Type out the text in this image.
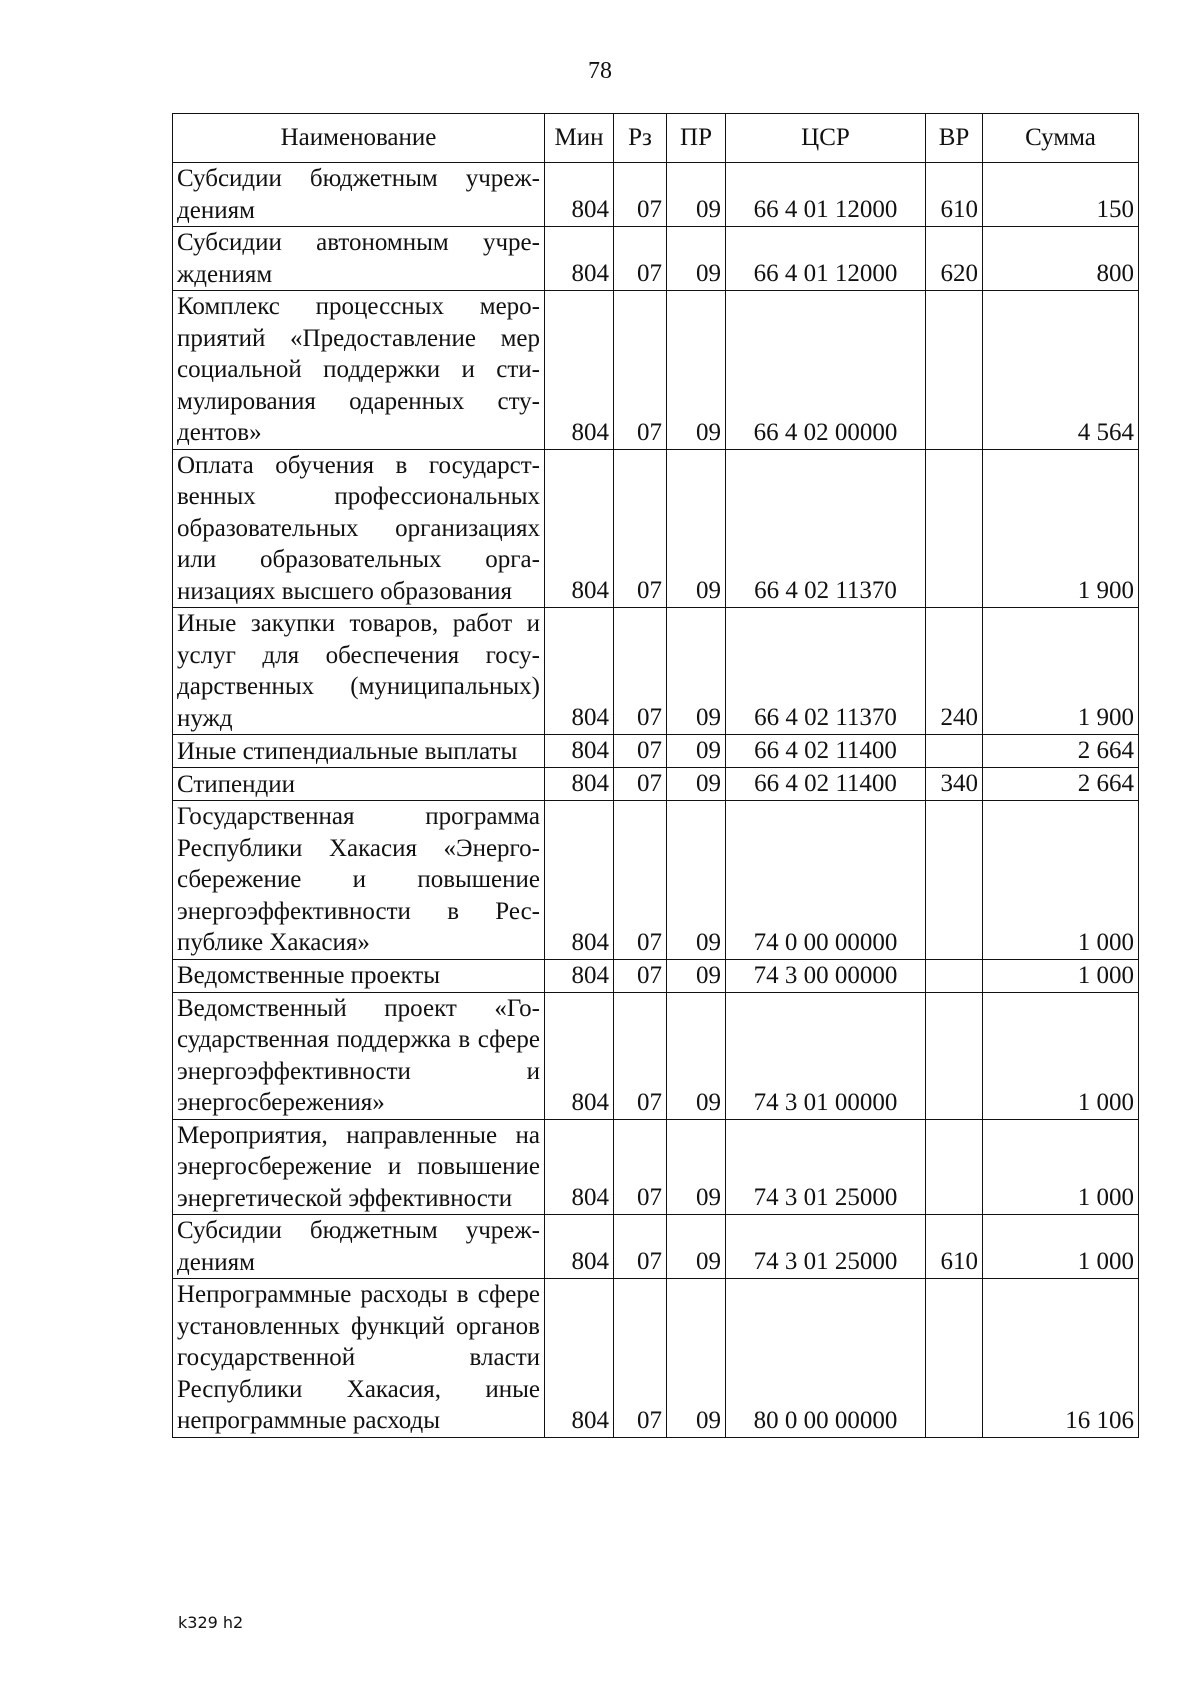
78
Наименование	Мин	Рз	ПР	ЦСР	ВР	Сумма
Субсидии бюджетным учреждениям	804	07	09	66 4 01 12000	610	150
Субсидии автономным учреждениям	804	07	09	66 4 01 12000	620	800
Комплекс процессных мероприятий «Предоставление мер социальной поддержки и стимулирования одаренных студентов»	804	07	09	66 4 02 00000		4 564
Оплата обучения в государственных профессиональных образовательных организациях или образовательных организациях высшего образования	804	07	09	66 4 02 11370		1 900
Иные закупки товаров, работ и услуг для обеспечения государственных (муниципальных) нужд	804	07	09	66 4 02 11370	240	1 900
Иные стипендиальные выплаты	804	07	09	66 4 02 11400		2 664
Стипендии	804	07	09	66 4 02 11400	340	2 664
Государственная программа Республики Хакасия «Энергосбережение и повышение энергоэффективности в Республике Хакасия»	804	07	09	74 0 00 00000		1 000
Ведомственные проекты	804	07	09	74 3 00 00000		1 000
Ведомственный проект «Государственная поддержка в сфере энергоэффективности и энергосбережения»	804	07	09	74 3 01 00000		1 000
Мероприятия, направленные на энергосбережение и повышение энергетической эффективности	804	07	09	74 3 01 25000		1 000
Субсидии бюджетным учреждениям	804	07	09	74 3 01 25000	610	1 000
Непрограммные расходы в сфере установленных функций органов государственной власти Республики Хакасия, иные непрограммные расходы	804	07	09	80 0 00 00000		16 106
k329 h2
